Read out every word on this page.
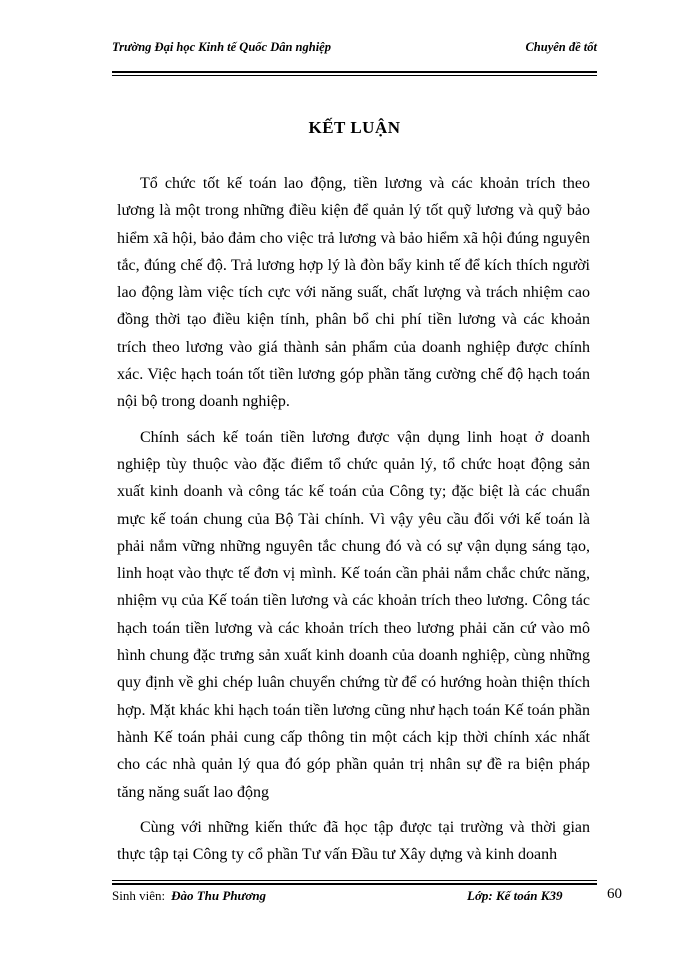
Trường Đại học Kinh tế Quốc Dân nghiệp	Chuyên đề tốt
KẾT LUẬN

Tổ chức tốt kế toán lao động, tiền lương và các khoản trích theo lương là một trong những điều kiện để quản lý tốt quỹ lương và quỹ bảo hiểm xã hội, bảo đảm cho việc trả lương và bảo hiểm xã hội đúng nguyên tắc, đúng chế độ. Trả lương hợp lý là đòn bẩy kinh tế để kích thích người lao động làm việc tích cực với năng suất, chất lượng và trách nhiệm cao đồng thời tạo điều kiện tính, phân bổ chi phí tiền lương và các khoản trích theo lương vào giá thành sản phẩm của doanh nghiệp được chính xác. Việc hạch toán tốt tiền lương góp phần tăng cường chế độ hạch toán nội bộ trong doanh nghiệp.

Chính sách kế toán tiền lương được vận dụng linh hoạt ở doanh nghiệp tùy thuộc vào đặc điểm tổ chức quản lý, tổ chức hoạt động sản xuất kinh doanh và công tác kế toán của Công ty; đặc biệt là các chuẩn mực kế toán chung của Bộ Tài chính. Vì vậy yêu cầu đối với kế toán là phải nắm vững những nguyên tắc chung đó và có sự vận dụng sáng tạo, linh hoạt vào thực tế đơn vị mình. Kế toán cần phải nắm chắc chức năng, nhiệm vụ của Kế toán tiền lương và các khoản trích theo lương. Công tác hạch toán tiền lương và các khoản trích theo lương phải căn cứ vào mô hình chung đặc trưng sản xuất kinh doanh của doanh nghiệp, cùng những quy định về ghi chép luân chuyển chứng từ để có hướng hoàn thiện thích hợp. Mặt khác khi hạch toán tiền lương cũng như hạch toán Kế toán phần hành Kế toán phải cung cấp thông tin một cách kịp thời chính xác nhất cho các nhà quản lý qua đó góp phần quản trị nhân sự đề ra biện pháp tăng năng suất lao động

Cùng với những kiến thức đã học tập được tại trường và thời gian thực tập tại Công ty cổ phần Tư vấn Đầu tư Xây dựng và kinh doanh

Sinh viên: Đào Thu Phương	Lớp: Kế toán K39	60
